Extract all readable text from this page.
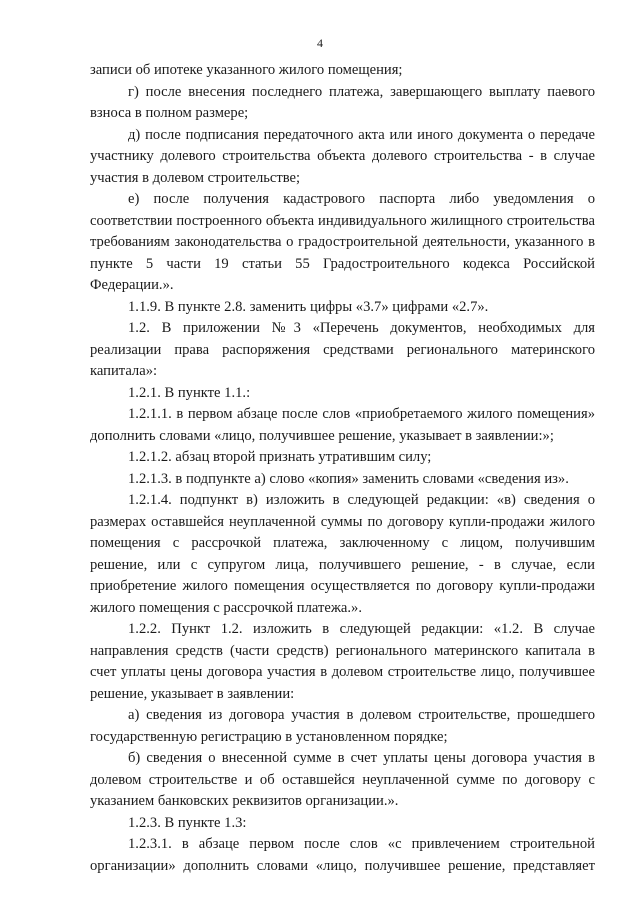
4

записи об ипотеке указанного жилого помещения;

г) после внесения последнего платежа, завершающего выплату паевого взноса в полном размере;

д) после подписания передаточного акта или иного документа о передаче участнику долевого строительства объекта долевого строительства - в случае участия в долевом строительстве;

е) после получения кадастрового паспорта либо уведомления о соответствии построенного объекта индивидуального жилищного строительства требованиям законодательства о градостроительной деятельности, указанного в пункте 5 части 19 статьи 55 Градостроительного кодекса Российской Федерации.».

1.1.9. В пункте 2.8. заменить цифры «3.7» цифрами «2.7».

1.2. В приложении №3 «Перечень документов, необходимых для реализации права распоряжения средствами регионального материнского капитала»:

1.2.1. В пункте 1.1.:

1.2.1.1. в первом абзаце после слов «приобретаемого жилого помещения» дополнить словами «лицо, получившее решение, указывает в заявлении:»;

1.2.1.2. абзац второй признать утратившим силу;

1.2.1.3. в подпункте а) слово «копия» заменить словами «сведения из».

1.2.1.4. подпункт в) изложить в следующей редакции: «в) сведения о размерах оставшейся неуплаченной суммы по договору купли-продажи жилого помещения с рассрочкой платежа, заключенному с лицом, получившим решение, или с супругом лица, получившего решение, - в случае, если приобретение жилого помещения осуществляется по договору купли-продажи жилого помещения с рассрочкой платежа.».

1.2.2. Пункт 1.2. изложить в следующей редакции: «1.2. В случае направления средств (части средств) регионального материнского капитала в счет уплаты цены договора участия в долевом строительстве лицо, получившее решение, указывает в заявлении:

а) сведения из договора участия в долевом строительстве, прошедшего государственную регистрацию в установленном порядке;

б) сведения о внесенной сумме в счет уплаты цены договора участия в долевом строительстве и об оставшейся неуплаченной сумме по договору с указанием банковских реквизитов организации.».

1.2.3. В пункте 1.3:

1.2.3.1. в абзаце первом после слов «с привлечением строительной организации» дополнить словами «лицо, получившее решение, представляет
